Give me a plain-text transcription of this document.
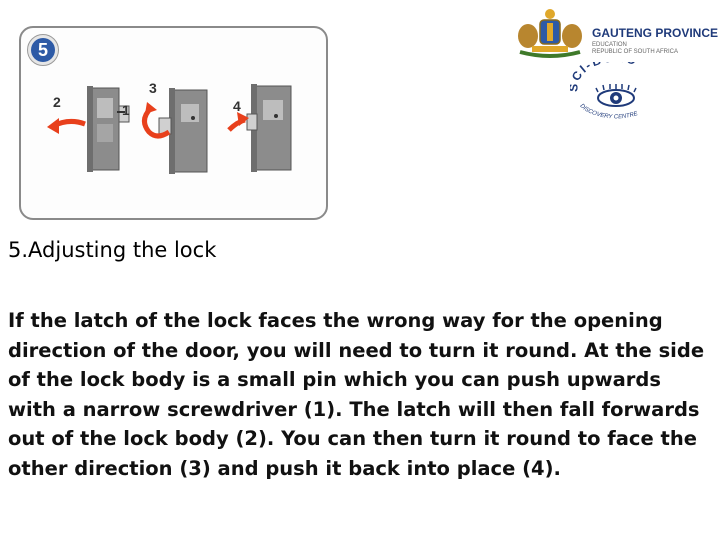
5
2	1
3
4
GAUTENG PROVINCE
EDUCATION
REPUBLIC OF SOUTH AFRICA
CI-
DISCOVERY CENTRE
5.Adjusting the lock
If the latch of the lock faces the wrong way for the opening direction of the door, you will need to turn it round. At the side of the lock body is a small pin which you can push upwards with a narrow screwdriver (1). The latch will then fall forwards out of the lock body (2). You can then turn it round to face the other direction (3) and push it back into place (4).
